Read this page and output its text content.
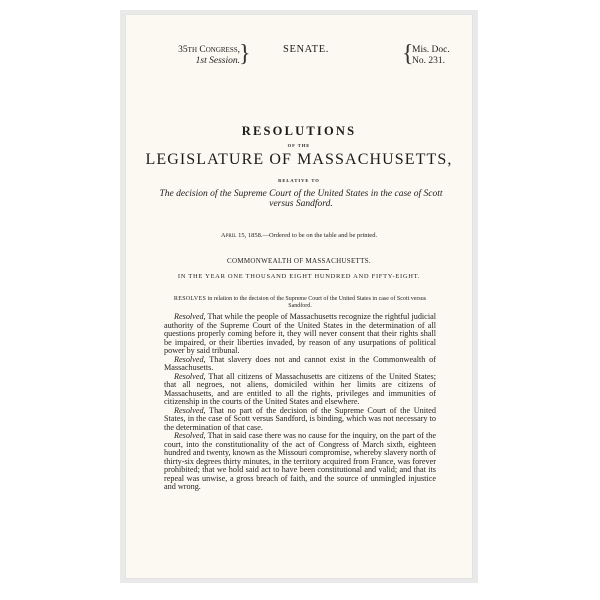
35th Congress,
1st Session. }	SENATE.	{
Mis. Doc.
No. 231.
RESOLUTIONS
OF THE
LEGISLATURE OF MASSACHUSETTS,
RELATIVE TO
The decision of the Supreme Court of the United States in the case of Scott versus Sandford.
April 15, 1858.—Ordered to be on the table and be printed.
COMMONWEALTH OF MASSACHUSETTS.
IN THE YEAR ONE THOUSAND EIGHT HUNDRED AND FIFTY-EIGHT.
RESOLVES in relation to the decision of the Supreme Court of the United States in case of Scott versus Sandford.

Resolved, That while the people of Massachusetts recognize the rightful judicial authority of the Supreme Court of the United States in the determination of all questions properly coming before it, they will never consent that their rights shall be impaired, or their liberties invaded, by reason of any usurpations of political power by said tribunal.

Resolved, That slavery does not and cannot exist in the Commonwealth of Massachusetts.

Resolved, That all citizens of Massachusetts are citizens of the United States; that all negroes, not aliens, domiciled within her limits are citizens of Massachusetts, and are entitled to all the rights, privileges and immunities of citizenship in the courts of the United States and elsewhere.

Resolved, That no part of the decision of the Supreme Court of the United States, in the case of Scott versus Sandford, is binding, which was not necessary to the determination of that case.

Resolved, That in said case there was no cause for the inquiry, on the part of the court, into the constitutionality of the act of Congress of March sixth, eighteen hundred and twenty, known as the Missouri compromise, whereby slavery north of thirty-six degrees thirty minutes, in the territory acquired from France, was forever prohibited; that we hold said act to have been constitutional and valid; and that its repeal was unwise, a gross breach of faith, and the source of unmingled injustice and wrong.
